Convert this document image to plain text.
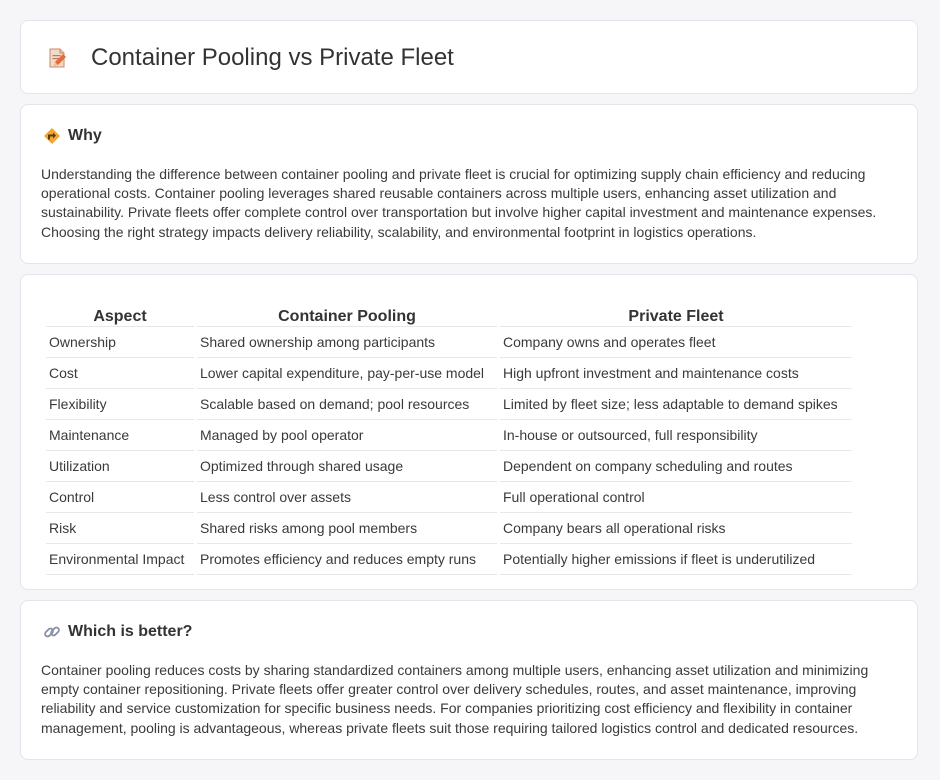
Container Pooling vs Private Fleet
Why

Understanding the difference between container pooling and private fleet is crucial for optimizing supply chain efficiency and reducing operational costs. Container pooling leverages shared reusable containers across multiple users, enhancing asset utilization and sustainability. Private fleets offer complete control over transportation but involve higher capital investment and maintenance expenses. Choosing the right strategy impacts delivery reliability, scalability, and environmental footprint in logistics operations.

Aspect	Container Pooling	Private Fleet
Ownership	Shared ownership among participants	Company owns and operates fleet
Cost	Lower capital expenditure, pay-per-use model	High upfront investment and maintenance costs
Flexibility	Scalable based on demand; pool resources	Limited by fleet size; less adaptable to demand spikes
Maintenance	Managed by pool operator	In-house or outsourced, full responsibility
Utilization	Optimized through shared usage	Dependent on company scheduling and routes
Control	Less control over assets	Full operational control
Risk	Shared risks among pool members	Company bears all operational risks
Environmental Impact	Promotes efficiency and reduces empty runs	Potentially higher emissions if fleet is underutilized
Which is better?

Container pooling reduces costs by sharing standardized containers among multiple users, enhancing asset utilization and minimizing empty container repositioning. Private fleets offer greater control over delivery schedules, routes, and asset maintenance, improving reliability and service customization for specific business needs. For companies prioritizing cost efficiency and flexibility in container management, pooling is advantageous, whereas private fleets suit those requiring tailored logistics control and dedicated resources.
